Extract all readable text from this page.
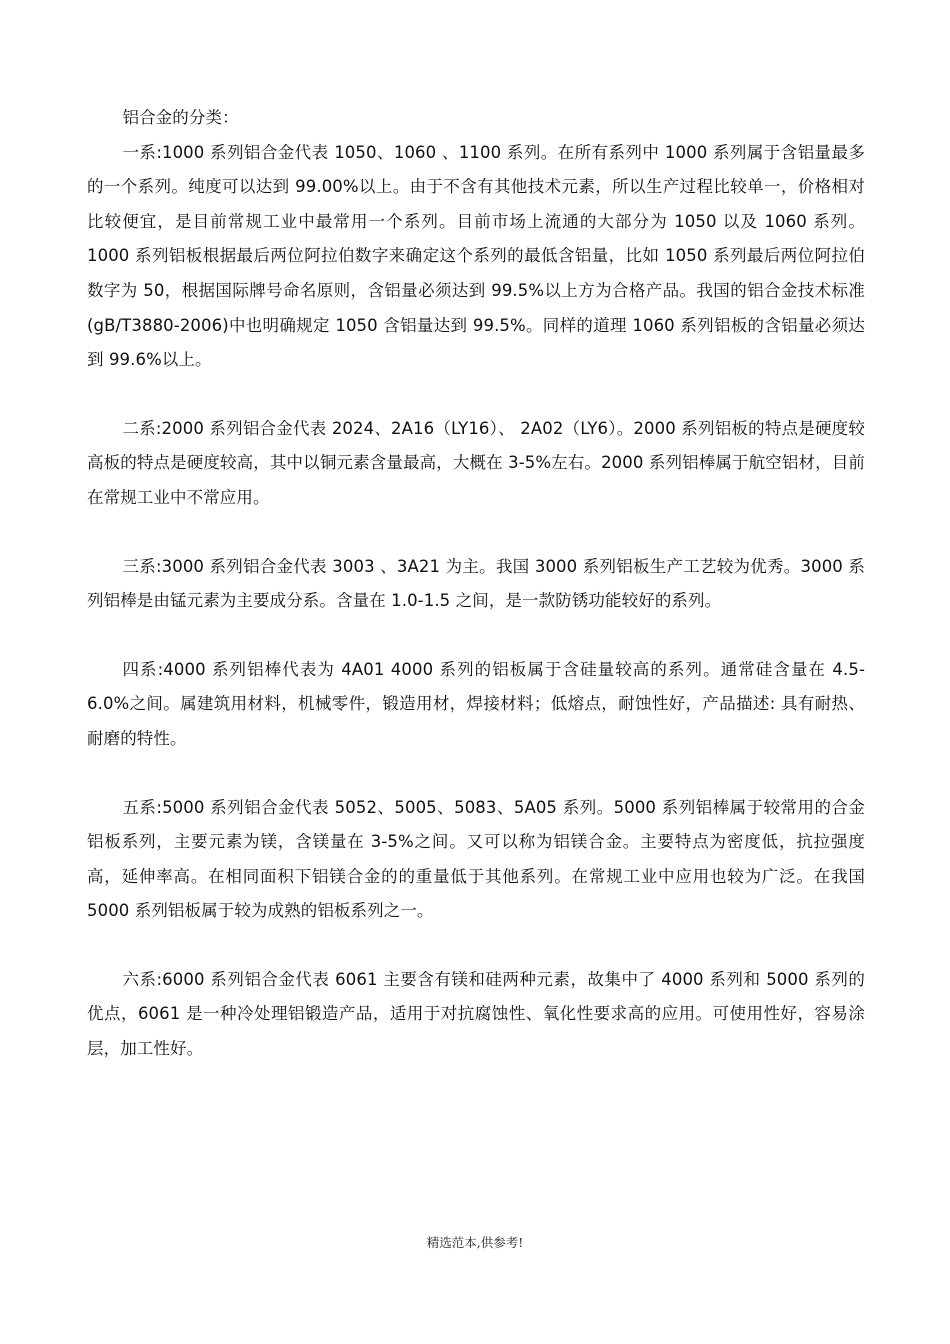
铝合金的分类：

一系:1000 系列铝合金代表 1050、1060 、1100 系列。在所有系列中 1000 系列属于含铝量最多的一个系列。纯度可以达到 99.00%以上。由于不含有其他技术元素，所以生产过程比较单一，价格相对比较便宜，是目前常规工业中最常用一个系列。目前市场上流通的大部分为 1050 以及 1060 系列。1000 系列铝板根据最后两位阿拉伯数字来确定这个系列的最低含铝量，比如 1050 系列最后两位阿拉伯数字为 50，根据国际牌号命名原则，含铝量必须达到 99.5%以上方为合格产品。我国的铝合金技术标准 (gB/T3880-2006)中也明确规定 1050 含铝量达到 99.5%。同样的道理 1060 系列铝板的含铝量必须达到 99.6%以上。

二系:2000 系列铝合金代表 2024、2A16（LY16）、 2A02（LY6）。2000 系列铝板的特点是硬度较高板的特点是硬度较高，其中以铜元素含量最高，大概在 3-5%左右。2000 系列铝棒属于航空铝材，目前在常规工业中不常应用。

三系:3000 系列铝合金代表 3003 、3A21 为主。我国 3000 系列铝板生产工艺较为优秀。3000 系列铝棒是由锰元素为主要成分系。含量在 1.0-1.5 之间，是一款防锈功能较好的系列。

四系:4000 系列铝棒代表为 4A01 4000 系列的铝板属于含硅量较高的系列。通常硅含量在 4.5-6.0%之间。属建筑用材料，机械零件，锻造用材，焊接材料；低熔点，耐蚀性好，产品描述: 具有耐热、耐磨的特性。

五系:5000 系列铝合金代表 5052、5005、5083、5A05 系列。5000 系列铝棒属于较常用的合金铝板系列，主要元素为镁，含镁量在 3-5%之间。又可以称为铝镁合金。主要特点为密度低，抗拉强度高，延伸率高。在相同面积下铝镁合金的的重量低于其他系列。在常规工业中应用也较为广泛。在我国 5000 系列铝板属于较为成熟的铝板系列之一。

六系:6000 系列铝合金代表 6061 主要含有镁和硅两种元素，故集中了 4000 系列和 5000 系列的优点，6061 是一种冷处理铝锻造产品，适用于对抗腐蚀性、氧化性要求高的应用。可使用性好，容易涂层，加工性好。

精选范本,供参考!
